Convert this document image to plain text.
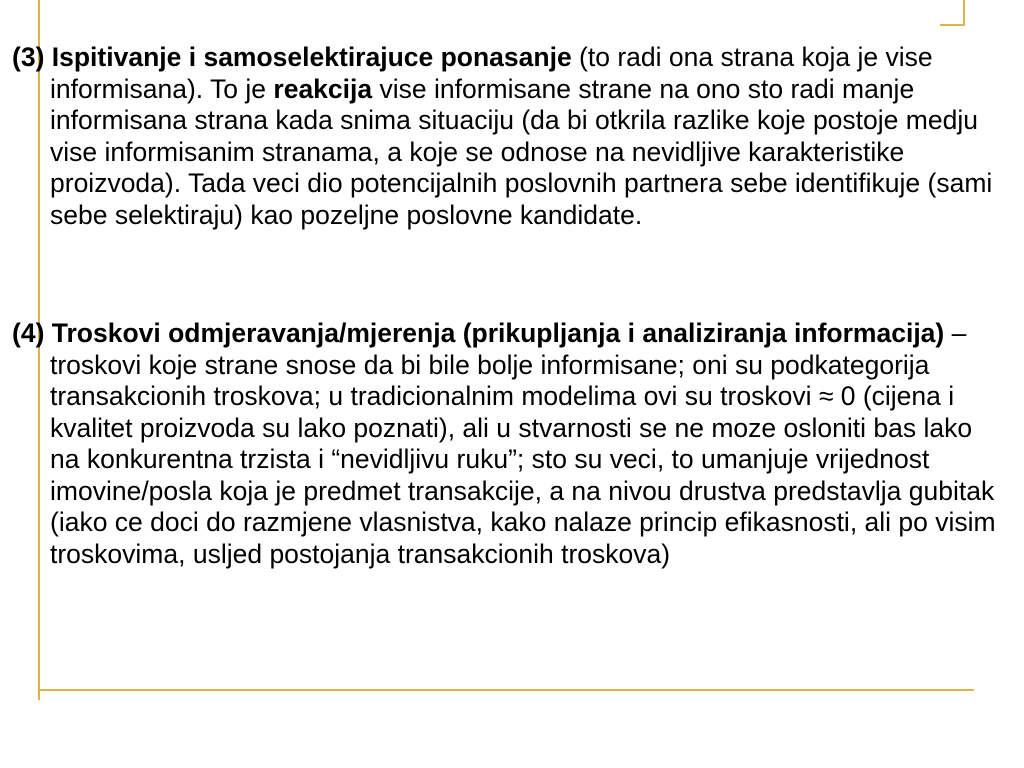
(3) Ispitivanje i samoselektirajuce ponasanje (to radi ona strana koja je vise informisana). To je reakcija vise informisane strane na ono sto radi manje informisana strana kada snima situaciju (da bi otkrila razlike koje postoje medju vise informisanim stranama, a koje se odnose na nevidljive karakteristike proizvoda). Tada veci dio potencijalnih poslovnih partnera sebe identifikuje (sami sebe selektiraju) kao pozeljne poslovne kandidate.

(4) Troskovi odmjeravanja/mjerenja (prikupljanja i analiziranja informacija) – troskovi koje strane snose da bi bile bolje informisane; oni su podkategorija transakcionih troskova; u tradicionalnim modelima ovi su troskovi ≈ 0 (cijena i kvalitet proizvoda su lako poznati), ali u stvarnosti se ne moze osloniti bas lako na konkurentna trzista i “nevidljivu ruku”; sto su veci, to umanjuje vrijednost imovine/posla koja je predmet transakcije, a na nivou drustva predstavlja gubitak (iako ce doci do razmjene vlasnistva, kako nalaze princip efikasnosti, ali po visim troskovima, usljed postojanja transakcionih troskova)
